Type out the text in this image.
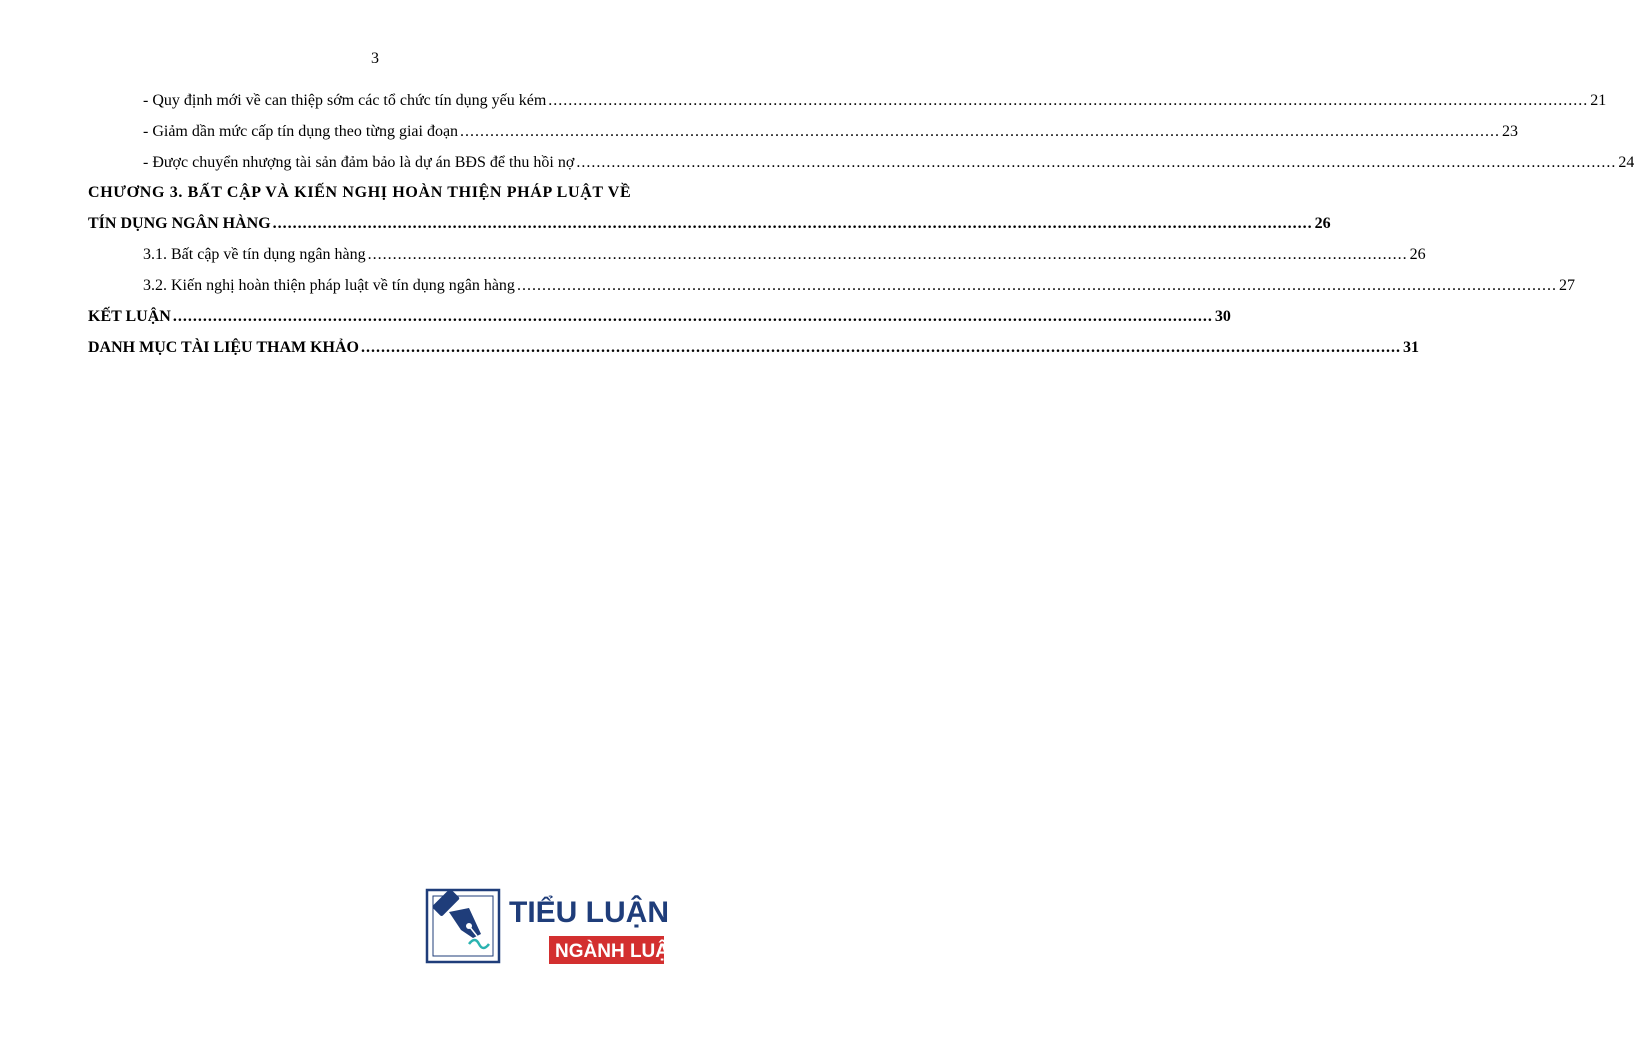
3
- Quy định mới về can thiệp sớm các tổ chức tín dụng yếu kém .....	21
- Giảm dần mức cấp tín dụng theo từng giai đoạn .....	23
- Được chuyển nhượng tài sản đảm bảo là dự án BĐS để thu hồi nợ .....	24
CHƯƠNG 3. BẤT CẬP VÀ KIẾN NGHỊ HOÀN THIỆN PHÁP LUẬT VỀ
TÍN DỤNG NGÂN HÀNG .....	26
3.1. Bất cập về tín dụng ngân hàng .....	26
3.2. Kiến nghị hoàn thiện pháp luật về tín dụng ngân hàng .....	27
KẾT LUẬN .....	30
DANH MỤC TÀI LIỆU THAM KHẢO .....	31
TIỂU LUẬN
NGÀNH LUẬT
